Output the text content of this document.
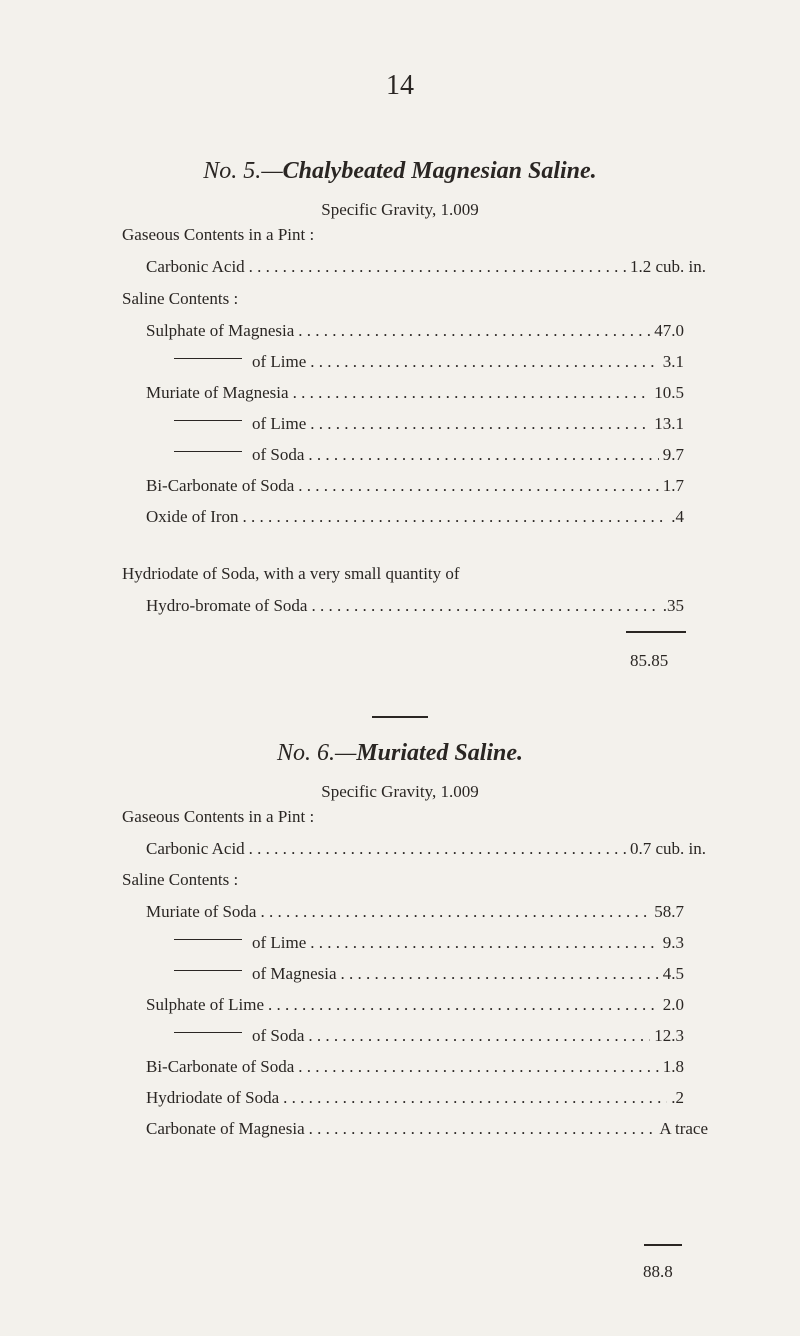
14
No. 5.—Chalybeated Magnesian Saline.
Specific Gravity, 1.009
Gaseous Contents in a Pint :
Carbonic Acid . . .	1.2 cub. in.
Saline Contents :
Sulphate of Magnesia . . .	47.0
of Lime . . .	3.1
Muriate of Magnesia . . .	10.5
of Lime . . .	13.1
of Soda . . .	9.7
Bi-Carbonate of Soda . . .	1.7
Oxide of Iron . . .	.4
Hydriodate of Soda, with a very small quantity of
Hydro-bromate of Soda . . .	.35
85.85
No. 6.—Muriated Saline.
Specific Gravity, 1.009
Gaseous Contents in a Pint :
Carbonic Acid . . .	0.7 cub. in.
Saline Contents :
Muriate of Soda . . .	58.7
of Lime . . .	9.3
of Magnesia . . .	4.5
Sulphate of Lime . . .	2.0
of Soda . . .	12.3
Bi-Carbonate of Soda . . .	1.8
Hydriodate of Soda . . .	.2
Carbonate of Magnesia . . .	A trace
88.8
